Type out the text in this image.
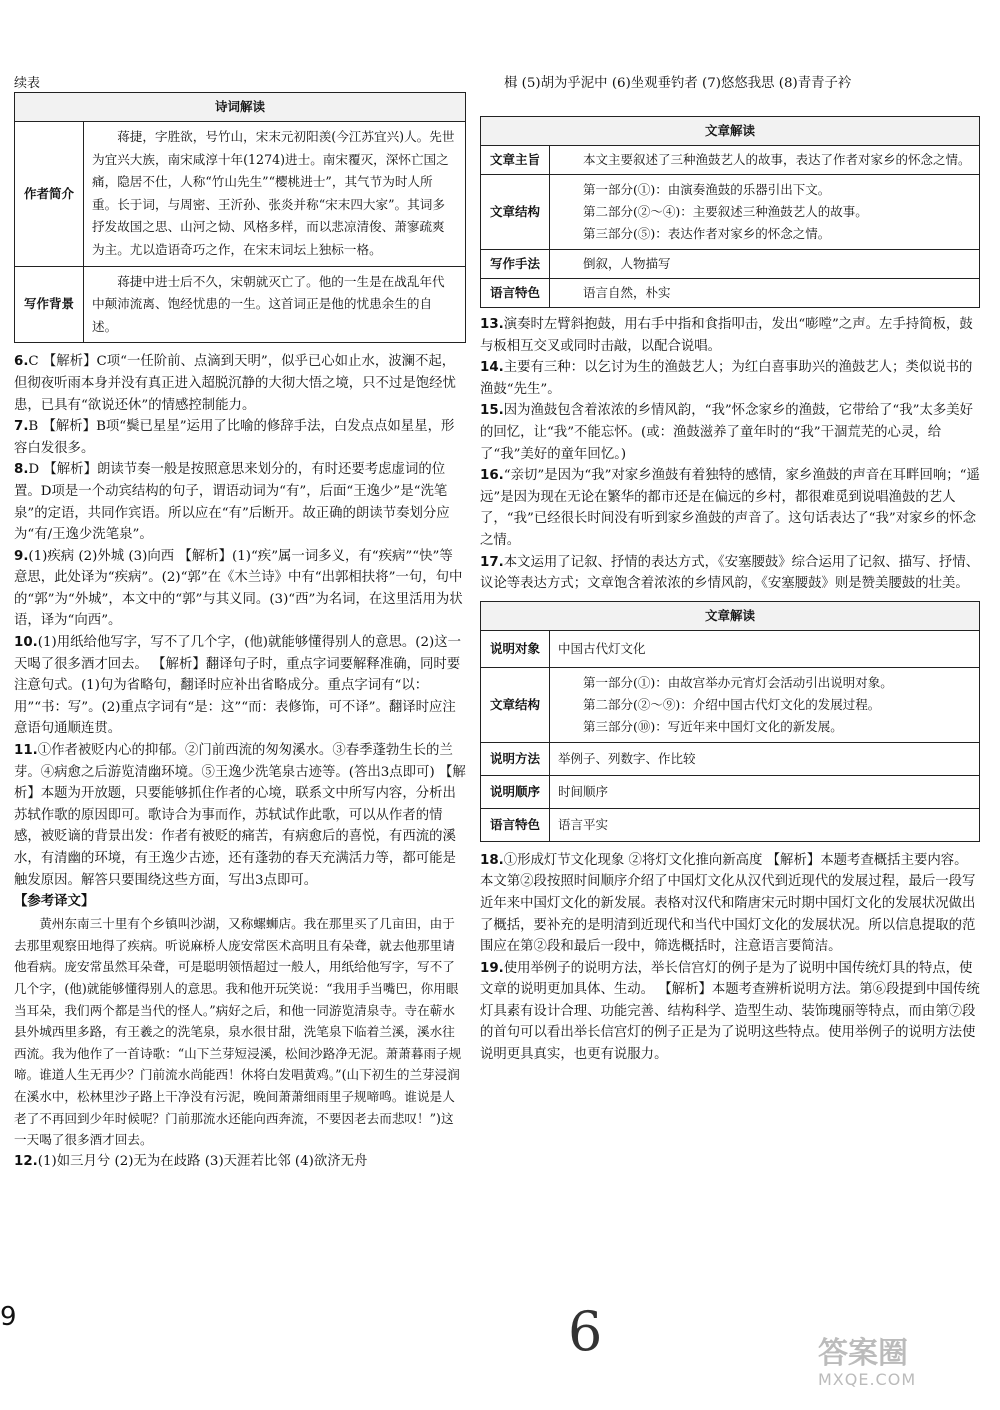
续表
诗词解读	
作者简介	蒋捷，字胜欲，号竹山，宋末元初阳羡(今江苏宜兴)人。先世为宜兴大族，南宋咸淳十年(1274)进士。南宋覆灭，深怀亡国之痛，隐居不仕，人称“竹山先生”“樱桃进士”，其气节为时人所重。长于词，与周密、王沂孙、张炎并称“宋末四大家”。其词多抒发故国之思、山河之恸、风格多样，而以悲凉清俊、萧寥疏爽为主。尤以造语奇巧之作，在宋末词坛上独标一格。
写作背景	蒋捷中进士后不久，宋朝就灭亡了。他的一生是在战乱年代中颠沛流离、饱经忧患的一生。这首词正是他的忧患余生的自述。

6.C 【解析】C项“一任阶前、点滴到天明”，似乎已心如止水，波澜不起，但彻夜听雨本身并没有真正进入超脱沉静的大彻大悟之境，只不过是饱经忧患，已具有“欲说还休”的情感控制能力。

7.B 【解析】B项“鬓已星星”运用了比喻的修辞手法，白发点点如星星，形容白发很多。

8.D 【解析】朗读节奏一般是按照意思来划分的，有时还要考虑虚词的位置。D项是一个动宾结构的句子，谓语动词为“有”，后面“王逸少”是“洗笔泉”的定语，共同作宾语。所以应在“有”后断开。故正确的朗读节奏划分应为“有/王逸少洗笔泉”。

9.(1)疾病 (2)外城 (3)向西 【解析】(1)“疾”属一词多义，有“疾病”“快”等意思，此处译为“疾病”。(2)“郭”在《木兰诗》中有“出郭相扶将”一句，句中的“郭”为“外城”，本文中的“郭”与其义同。(3)“西”为名词，在这里活用为状语，译为“向西”。

10.(1)用纸给他写字，写不了几个字，(他)就能够懂得别人的意思。(2)这一天喝了很多酒才回去。 【解析】翻译句子时，重点字词要解释准确，同时要注意句式。(1)句为省略句，翻译时应补出省略成分。重点字词有“以：用”“书：写”。(2)重点字词有“是：这”“而：表修饰，可不译”。翻译时应注意语句通顺连贯。

11.①作者被贬内心的抑郁。②门前西流的匆匆溪水。③春季蓬勃生长的兰芽。④病愈之后游览清幽环境。⑤王逸少洗笔泉古迹等。(答出3点即可) 【解析】本题为开放题，只要能够抓住作者的心境，联系文中所写内容，分析出苏轼作歌的原因即可。歌诗合为事而作，苏轼试作此歌，可以从作者的情感，被贬谪的背景出发：作者有被贬的痛苦，有病愈后的喜悦，有西流的溪水，有清幽的环境，有王逸少古迹，还有蓬勃的春天充满活力等，都可能是触发原因。解答只要围绕这些方面，写出3点即可。

【参考译文】

黄州东南三十里有个乡镇叫沙湖，又称螺蛳店。我在那里买了几亩田，由于去那里观察田地得了疾病。听说麻桥人庞安常医术高明且有朵聋，就去他那里请他看病。庞安常虽然耳朵聋，可是聪明领悟超过一般人，用纸给他写字，写不了几个字，(他)就能够懂得别人的意思。我和他开玩笑说：“我用手当嘴巴，你用眼当耳朵，我们两个都是当代的怪人。”病好之后，和他一同游览清泉寺。寺在蕲水县外城西里多路，有王羲之的洗笔泉，泉水很甘甜，洗笔泉下临着兰溪，溪水往西流。我为他作了一首诗歌：“山下兰芽短浸溪，松间沙路净无泥。萧萧暮雨子规啼。谁道人生无再少？门前流水尚能西！休将白发唱黄鸡。”(山下初生的兰芽浸润在溪水中，松林里沙子路上干净没有污泥，晚间萧萧细雨里子规啼鸣。谁说是人老了不再回到少年时候呢？门前那流水还能向西奔流，不要因老去而悲叹！”)这一天喝了很多酒才回去。

12.(1)如三月兮 (2)无为在歧路 (3)天涯若比邻 (4)欲济无舟

楫 (5)胡为乎泥中 (6)坐观垂钓者 (7)悠悠我思 (8)青青子衿
文章解读	
文章主旨	本文主要叙述了三种渔鼓艺人的故事，表达了作者对家乡的怀念之情。
文章结构	第一部分(①)：由演奏渔鼓的乐器引出下文。
第二部分(②～④)：主要叙述三种渔鼓艺人的故事。
第三部分(⑤)：表达作者对家乡的怀念之情。

写作手法	倒叙，人物描写
语言特色	语言自然，朴实

13.演奏时左臂斜抱鼓，用右手中指和食指叩击，发出“嘭嘡”之声。左手持简板，鼓与板相互交叉或同时击敲，以配合说唱。

14.主要有三种：以乞讨为生的渔鼓艺人；为红白喜事助兴的渔鼓艺人；类似说书的渔鼓“先生”。

15.因为渔鼓包含着浓浓的乡情风韵，“我”怀念家乡的渔鼓，它带给了“我”太多美好的回忆，让“我”不能忘怀。(或：渔鼓滋养了童年时的“我”干涸荒芜的心灵，给了“我”美好的童年回忆。)

16.“亲切”是因为“我”对家乡渔鼓有着独特的感情，家乡渔鼓的声音在耳畔回响；“遥远”是因为现在无论在繁华的都市还是在偏远的乡村，都很难觅到说唱渔鼓的艺人了，“我”已经很长时间没有听到家乡渔鼓的声音了。这句话表达了“我”对家乡的怀念之情。

17.本文运用了记叙、抒情的表达方式，《安塞腰鼓》综合运用了记叙、描写、抒情、议论等表达方式；文章饱含着浓浓的乡情风韵，《安塞腰鼓》则是赞美腰鼓的壮美。

文章解读	
说明对象	中国古代灯文化
文章结构	第一部分(①)：由故宫举办元宵灯会活动引出说明对象。
第二部分(②～⑨)：介绍中国古代灯文化的发展过程。
第三部分(⑩)：写近年来中国灯文化的新发展。

说明方法	举例子、列数字、作比较
说明顺序	时间顺序
语言特色	语言平实

18.①形成灯节文化现象 ②将灯文化推向新高度 【解析】本题考查概括主要内容。本文第②段按照时间顺序介绍了中国灯文化从汉代到近现代的发展过程，最后一段写近年来中国灯文化的新发展。表格对汉代和隋唐宋元时期中国灯文化的发展状况做出了概括，要补充的是明清到近现代和当代中国灯文化的发展状况。所以信息提取的范围应在第②段和最后一段中，筛选概括时，注意语言要简洁。

19.使用举例子的说明方法，举长信宫灯的例子是为了说明中国传统灯具的特点，使文章的说明更加具体、生动。 【解析】本题考查辨析说明方法。第⑥段提到中国传统灯具素有设计合理、功能完善、结构科学、造型生动、装饰瑰丽等特点，而由第⑦段的首句可以看出举长信宫灯的例子正是为了说明这些特点。使用举例子的说明方法使说明更具真实，也更有说服力。

9	6	答案圈
MXQE.COM
